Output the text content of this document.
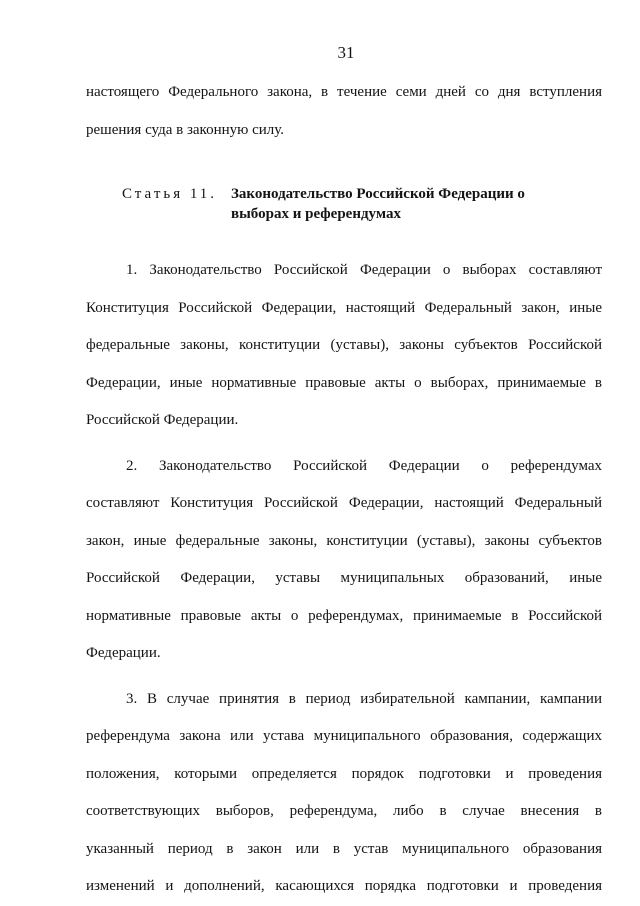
31

настоящего Федерального закона, в течение семи дней со дня вступления
решения суда в законную силу.

Статья 11. Законодательство Российской Федерации о
выборах и референдумах

1. Законодательство Российской Федерации о выборах составляют
Конституция Российской Федерации, настоящий Федеральный закон, иные
федеральные законы, конституции (уставы), законы субъектов Российской
Федерации, иные нормативные правовые акты о выборах, принимаемые в
Российской Федерации.

2. Законодательство Российской Федерации о референдумах
составляют Конституция Российской Федерации, настоящий Федеральный
закон, иные федеральные законы, конституции (уставы), законы субъектов
Российской Федерации, уставы муниципальных образований, иные
нормативные правовые акты о референдумах, принимаемые в Российской
Федерации.

3. В случае принятия в период избирательной кампании, кампании
референдума закона или устава муниципального образования, содержащих
положения, которыми определяется порядок подготовки и проведения
соответствующих выборов, референдума, либо в случае внесения в
указанный период в закон или в устав муниципального образования
изменений и дополнений, касающихся порядка подготовки и проведения
